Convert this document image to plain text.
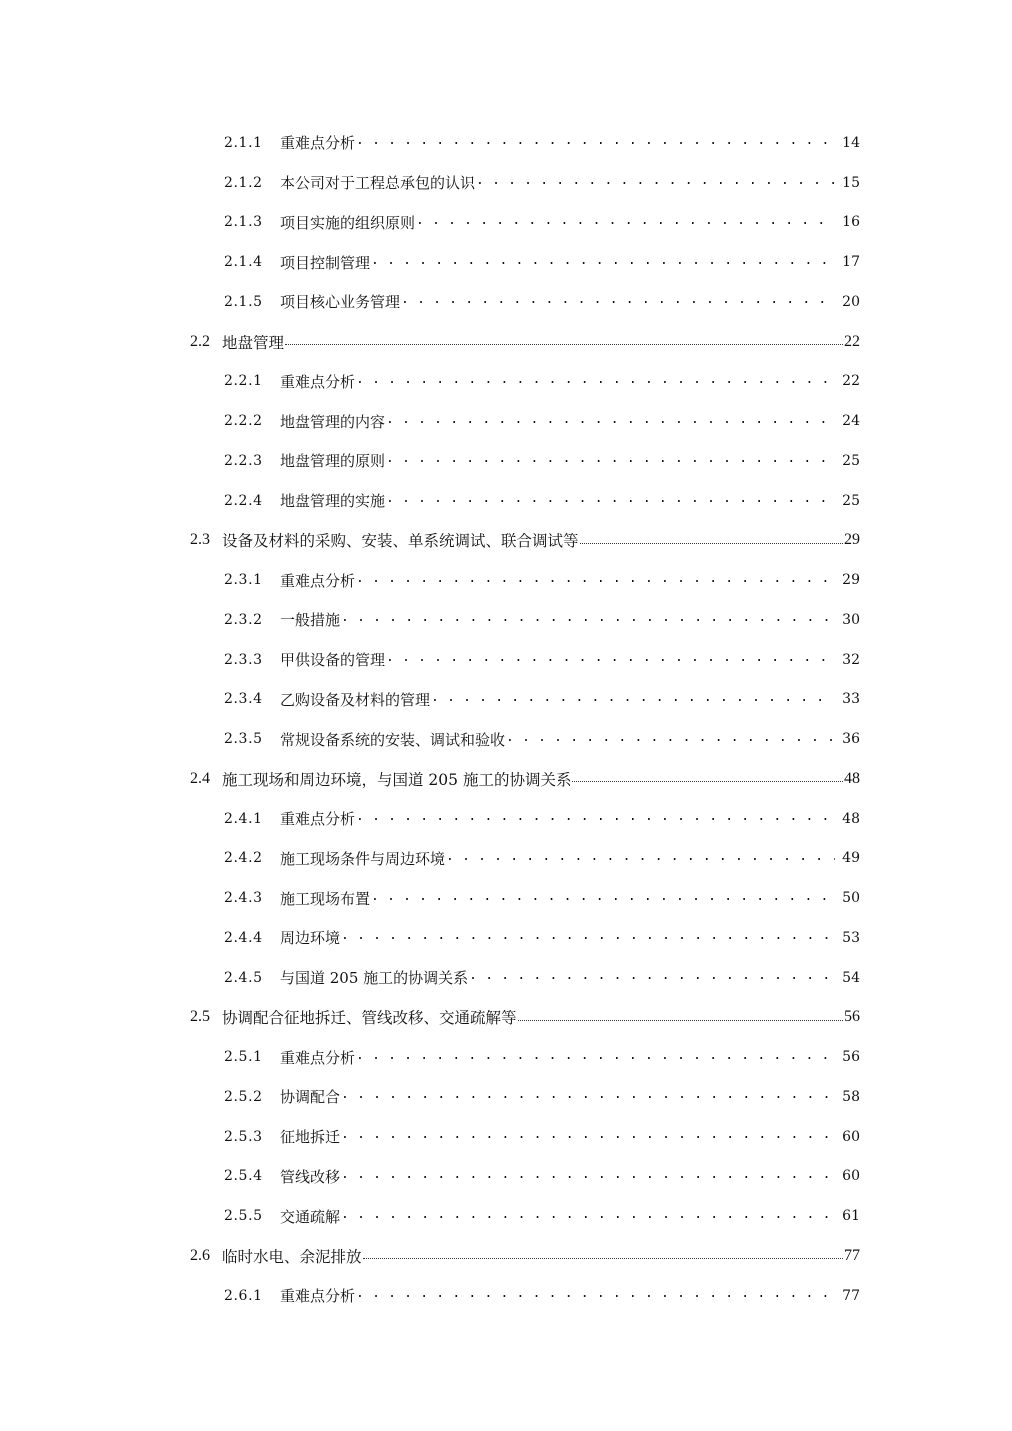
2.1.1	重难点分析 . . .	14
2.1.2	本公司对于工程总承包的认识 . . .	15
2.1.3	项目实施的组织原则 . . .	16
2.1.4	项目控制管理 . . .	17
2.1.5	项目核心业务管理 . . .	20
2.2 地盘管理	22
2.2.1	重难点分析 . . .	22
2.2.2	地盘管理的内容 . . .	24
2.2.3	地盘管理的原则 . . .	25
2.2.4	地盘管理的实施 . . .	25
2.3 设备及材料的采购、安装、单系统调试、联合调试等	29
2.3.1	重难点分析 . . .	29
2.3.2	一般措施 . . .	30
2.3.3	甲供设备的管理 . . .	32
2.3.4	乙购设备及材料的管理 . . .	33
2.3.5	常规设备系统的安装、调试和验收 . . .	36
2.4 施工现场和周边环境，与国道 205 施工的协调关系	48
2.4.1	重难点分析 . . .	48
2.4.2	施工现场条件与周边环境 . . .	49
2.4.3	施工现场布置 . . .	50
2.4.4	周边环境 . . .	53
2.4.5	与国道 205 施工的协调关系 . . .	54
2.5 协调配合征地拆迁、管线改移、交通疏解等	56
2.5.1	重难点分析 . . .	56
2.5.2	协调配合 . . .	58
2.5.3	征地拆迁 . . .	60
2.5.4	管线改移 . . .	60
2.5.5	交通疏解 . . .	61
2.6 临时水电、余泥排放	77
2.6.1	重难点分析 . . .	77
